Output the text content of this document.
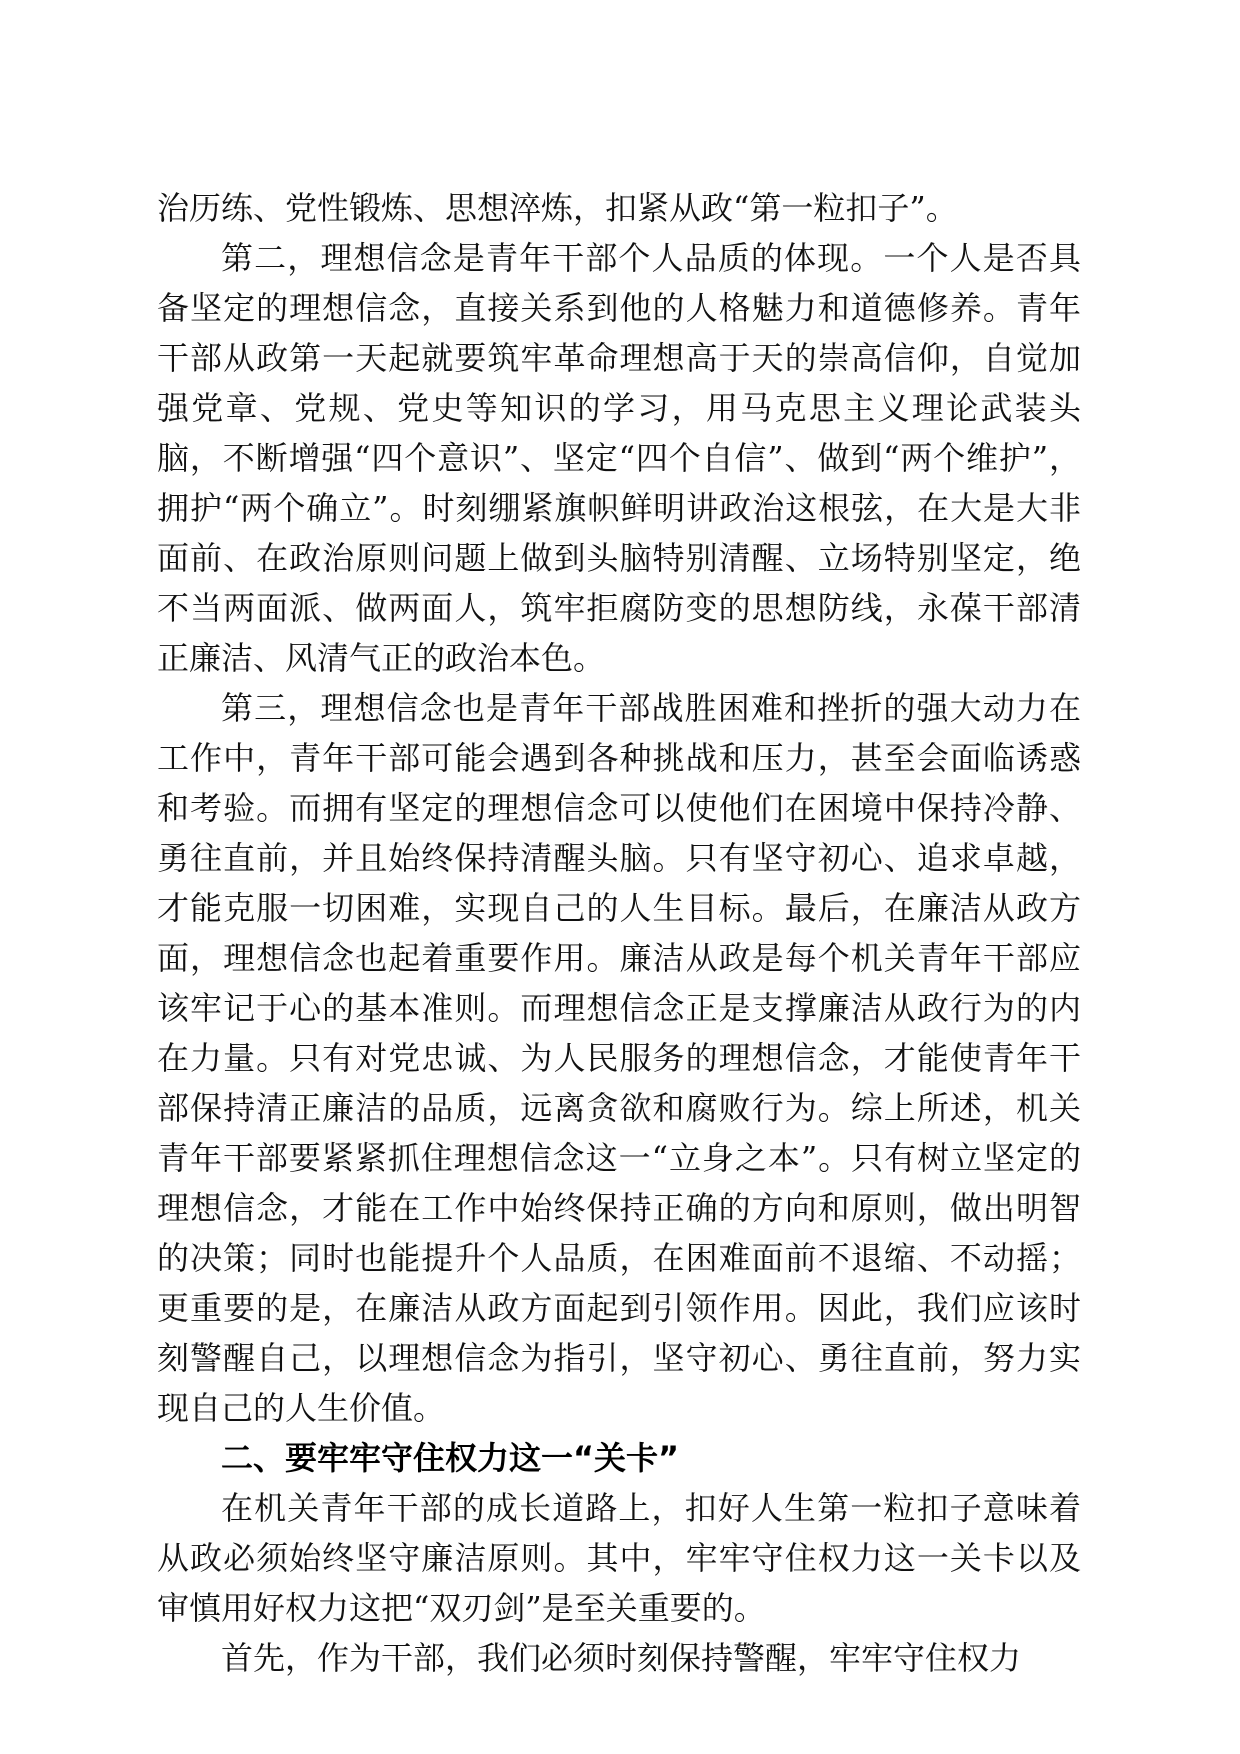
治历练、党性锻炼、思想淬炼，扣紧从政“第一粒扣子”。

第二，理想信念是青年干部个人品质的体现。一个人是否具备坚定的理想信念，直接关系到他的人格魅力和道德修养。青年干部从政第一天起就要筑牢革命理想高于天的崇高信仰，自觉加强党章、党规、党史等知识的学习，用马克思主义理论武装头脑，不断增强“四个意识”、坚定“四个自信”、做到“两个维护”，拥护“两个确立”。时刻绷紧旗帜鲜明讲政治这根弦，在大是大非面前、在政治原则问题上做到头脑特别清醒、立场特别坚定，绝不当两面派、做两面人，筑牢拒腐防变的思想防线，永葆干部清正廉洁、风清气正的政治本色。

第三，理想信念也是青年干部战胜困难和挫折的强大动力在工作中，青年干部可能会遇到各种挑战和压力，甚至会面临诱惑和考验。而拥有坚定的理想信念可以使他们在困境中保持冷静、勇往直前，并且始终保持清醒头脑。只有坚守初心、追求卓越，才能克服一切困难，实现自己的人生目标。最后，在廉洁从政方面，理想信念也起着重要作用。廉洁从政是每个机关青年干部应该牢记于心的基本准则。而理想信念正是支撑廉洁从政行为的内在力量。只有对党忠诚、为人民服务的理想信念，才能使青年干部保持清正廉洁的品质，远离贪欲和腐败行为。综上所述，机关青年干部要紧紧抓住理想信念这一“立身之本”。只有树立坚定的理想信念，才能在工作中始终保持正确的方向和原则，做出明智的决策；同时也能提升个人品质，在困难面前不退缩、不动摇；更重要的是，在廉洁从政方面起到引领作用。因此，我们应该时刻警醒自己，以理想信念为指引，坚守初心、勇往直前，努力实现自己的人生价值。

二、要牢牢守住权力这一“关卡”

在机关青年干部的成长道路上，扣好人生第一粒扣子意味着从政必须始终坚守廉洁原则。其中，牢牢守住权力这一关卡以及审慎用好权力这把“双刃剑”是至关重要的。

首先，作为干部，我们必须时刻保持警醒，牢牢守住权力
